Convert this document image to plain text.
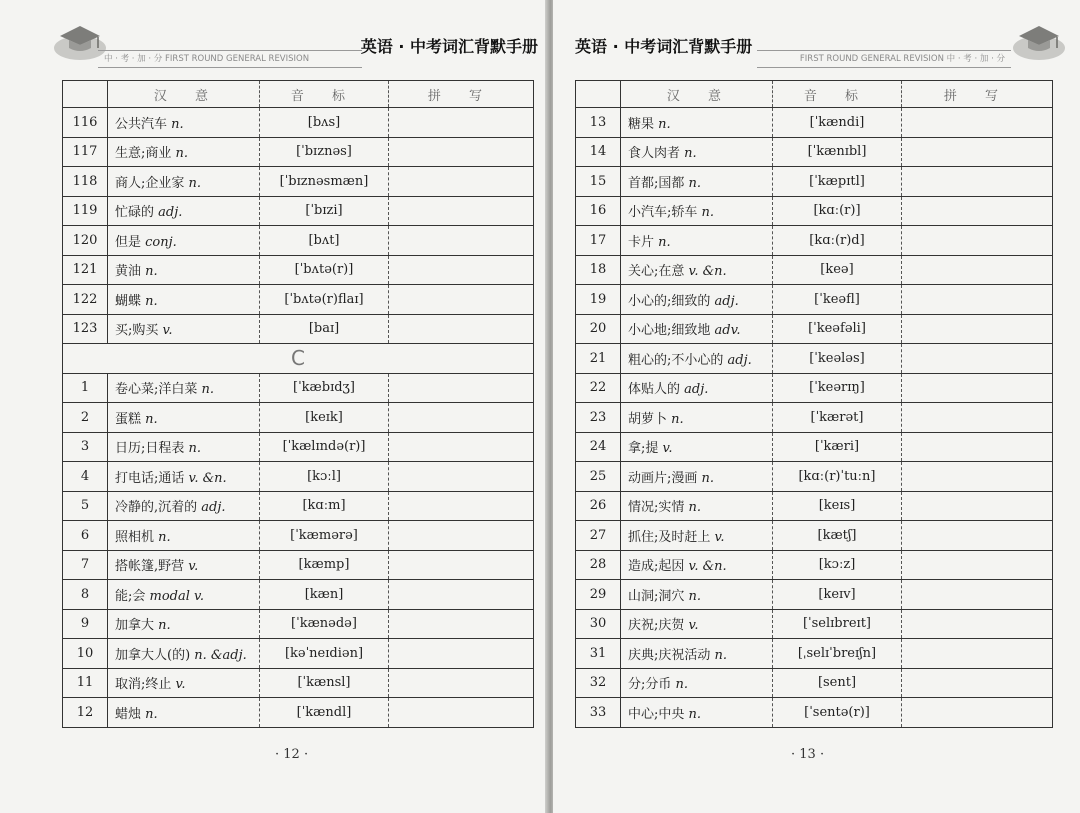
中 · 考 · 加 · 分 FIRST ROUND GENERAL REVISION
英语 · 中考词汇背默手册
	汉 意	音 标	拼 写
116	公共汽车 n.	[bʌs]	
117	生意;商业 n.	[ˈbɪznəs]	
118	商人;企业家 n.	[ˈbɪznəsmæn]	
119	忙碌的 adj.	[ˈbɪzi]	
120	但是 conj.	[bʌt]	
121	黄油 n.	[ˈbʌtə(r)]	
122	蝴蝶 n.	[ˈbʌtə(r)flaɪ]	
123	买;购买 v.	[baɪ]	
C			
1	卷心菜;洋白菜 n.	[ˈkæbɪdʒ]	
2	蛋糕 n.	[keɪk]	
3	日历;日程表 n.	[ˈkælɪndə(r)]	
4	打电话;通话 v. &n.	[kɔːl]	
5	冷静的,沉着的 adj.	[kɑːm]	
6	照相机 n.	[ˈkæmərə]	
7	搭帐篷,野营 v.	[kæmp]	
8	能;会 modal v.	[kæn]	
9	加拿大 n.	[ˈkænədə]	
10	加拿大人(的) n. &adj.	[kəˈneɪdiən]	
11	取消;终止 v.	[ˈkænsl]	
12	蜡烛 n.	[ˈkændl]	
· 12 ·
FIRST ROUND GENERAL REVISION 中 · 考 · 加 · 分
英语 · 中考词汇背默手册
	汉 意	音 标	拼 写
13	糖果 n.	[ˈkændi]	
14	食人肉者 n.	[ˈkænɪbl]	
15	首都;国都 n.	[ˈkæpɪtl]	
16	小汽车;轿车 n.	[kɑː(r)]	
17	卡片 n.	[kɑː(r)d]	
18	关心;在意 v. &n.	[keə]	
19	小心的;细致的 adj.	[ˈkeəfl]	
20	小心地;细致地 adv.	[ˈkeəfəli]	
21	粗心的;不小心的 adj.	[ˈkeələs]	
22	体贴人的 adj.	[ˈkeərɪŋ]	
23	胡萝卜 n.	[ˈkærət]	
24	拿;提 v.	[ˈkæri]	
25	动画片;漫画 n.	[kɑː(r)ˈtuːn]	
26	情况;实情 n.	[keɪs]	
27	抓住;及时赶上 v.	[kætʃ]	
28	造成;起因 v. &n.	[kɔːz]	
29	山洞;洞穴 n.	[keɪv]	
30	庆祝;庆贺 v.	[ˈselɪbreɪt]	
31	庆典;庆祝活动 n.	[ˌselɪˈbreɪʃn]	
32	分;分币 n.	[sent]	
33	中心;中央 n.	[ˈsentə(r)]	
· 13 ·
